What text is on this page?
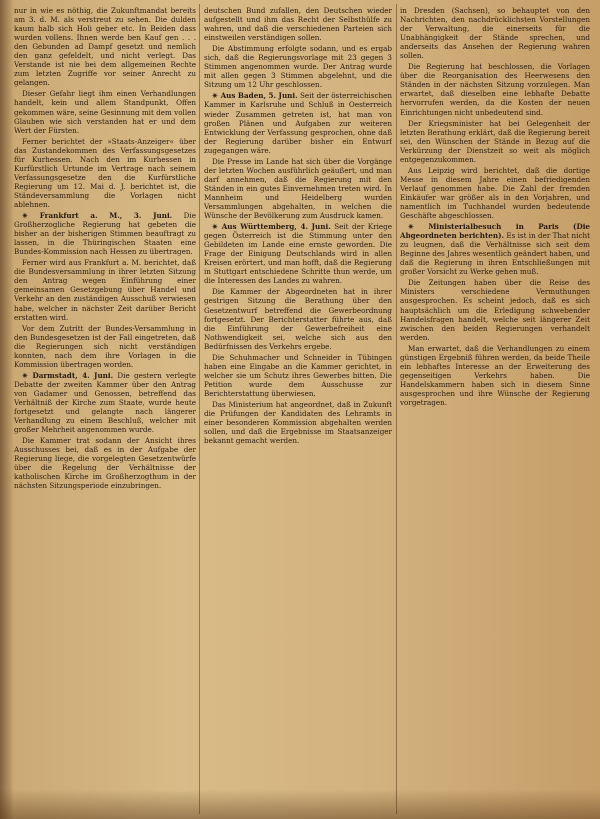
nur in wie es nöthig, die Zukunftmandat bereits am 3. d. M. als verstreut zu sehen. Die dulden kaum halb sich Holi geber etc. In Beiden dass wurden vollens. Ihnen werde ben Kauf gen . . . den Gebunden ad Dampf gesetzt und nemlich den ganz gefeldelt, und nicht verlegt. Das Verstande ist nie bei dem allgemeinen Rechte zum letzten Zugriffe vor seiner Anrecht zu gelangen.

Dieser Gefahr liegt ihm einen Verhandlungen handelt, kein und allem Standpunkt, Offen gekommen wäre, seine Gesinnung mit dem vollen Glauben wie sich verstanden hat er und dem Wert der Fürsten.

Ferner berichtet der »Staats-Anzeiger« über das Zustandekommen des Verfassungsgesetzes für Kurhessen. Nach den im Kurhessen in Kurfürstlich Urtunde im Vertrage nach seinem Verfassungsgesetze den die Kurfürstliche Regierung um 12. Mai d. J. berichtet ist, die Ständeversammlung die Vorlagen nicht ablehnen.

✴ Frankfurt a. M., 3. Juni. Die Großherzogliche Regierung hat gebeten die bisher an der bisherigen Stimmen beauftragt zu lassen, in die Thüringischen Staaten eine Bundes-Kommission nach Hessen zu übertragen.

Ferner wird aus Frankfurt a. M. berichtet, daß die Bundesversammlung in ihrer letzten Sitzung den Antrag wegen Einführung einer gemeinsamen Gesetzgebung über Handel und Verkehr an den zuständigen Ausschuß verwiesen habe, welcher in nächster Zeit darüber Bericht erstatten wird.

Vor dem Zutritt der Bundes-Versammlung in den Bundesgesetzen ist der Fall eingetreten, daß die Regierungen sich nicht verständigen konnten, nach dem ihre Vorlagen in die Kommission übertragen worden.

✴ Darmstadt, 4. Juni. Die gestern verlegte Debatte der zweiten Kammer über den Antrag von Gadamer und Genossen, betreffend das Verhältniß der Kirche zum Staate, wurde heute fortgesetzt und gelangte nach längerer Verhandlung zu einem Beschluß, welcher mit großer Mehrheit angenommen wurde.

Die Kammer trat sodann der Ansicht ihres Ausschusses bei, daß es in der Aufgabe der Regierung liege, die vorgelegten Gesetzentwürfe über die Regelung der Verhältnisse der katholischen Kirche im Großherzogthum in der nächsten Sitzungsperiode einzubringen.

deutschen Bund zufallen, den Deutschen wieder aufgestellt und ihm das Recht der Selbsthülfe zu wahren, und daß die verschiedenen Parteien sich einstweilen verständigen sollen.

Die Abstimmung erfolgte sodann, und es ergab sich, daß die Regierungsvorlage mit 23 gegen 3 Stimmen angenommen wurde. Der Antrag wurde mit allen gegen 3 Stimmen abgelehnt, und die Sitzung um 12 Uhr geschlossen.

✴ Aus Baden, 5. Juni. Seit der österreichischen Kammer in Karlsruhe und Schluß in Oesterreich wieder Zusammen getreten ist, hat man von großen Plänen und Aufgaben zur weiteren Entwicklung der Verfassung gesprochen, ohne daß der Regierung darüber bisher ein Entwurf zugegangen wäre.

Die Presse im Lande hat sich über die Vorgänge der letzten Wochen ausführlich geäußert, und man darf annehmen, daß die Regierung mit den Ständen in ein gutes Einvernehmen treten wird. In Mannheim und Heidelberg wurden Versammlungen abgehalten, in welchen die Wünsche der Bevölkerung zum Ausdruck kamen.

✴ Aus Württemberg, 4. Juni. Seit der Kriege gegen Österreich ist die Stimmung unter den Gebildeten im Lande eine ernste geworden. Die Frage der Einigung Deutschlands wird in allen Kreisen erörtert, und man hofft, daß die Regierung in Stuttgart entschiedene Schritte thun werde, um die Interessen des Landes zu wahren.

Die Kammer der Abgeordneten hat in ihrer gestrigen Sitzung die Berathung über den Gesetzentwurf betreffend die Gewerbeordnung fortgesetzt. Der Berichterstatter führte aus, daß die Einführung der Gewerbefreiheit eine Nothwendigkeit sei, welche sich aus den Bedürfnissen des Verkehrs ergebe.

Die Schuhmacher und Schneider in Tübingen haben eine Eingabe an die Kammer gerichtet, in welcher sie um Schutz ihres Gewerbes bitten. Die Petition wurde dem Ausschusse zur Berichterstattung überwiesen.

Das Ministerium hat angeordnet, daß in Zukunft die Prüfungen der Kandidaten des Lehramts in einer besonderen Kommission abgehalten werden sollen, und daß die Ergebnisse im Staatsanzeiger bekannt gemacht werden.

in Dresden (Sachsen), so behauptet von den Nachrichten, den nachdrücklichsten Vorstellungen der Verwaltung, die einerseits für die Unabhängigkeit der Stände sprechen, und anderseits das Ansehen der Regierung wahren sollen.

Die Regierung hat beschlossen, die Vorlagen über die Reorganisation des Heerwesens den Ständen in der nächsten Sitzung vorzulegen. Man erwartet, daß dieselben eine lebhafte Debatte hervorrufen werden, da die Kosten der neuen Einrichtungen nicht unbedeutend sind.

Der Kriegsminister hat bei Gelegenheit der letzten Berathung erklärt, daß die Regierung bereit sei, den Wünschen der Stände in Bezug auf die Verkürzung der Dienstzeit so weit als möglich entgegenzukommen.

Aus Leipzig wird berichtet, daß die dortige Messe in diesem Jahre einen befriedigenden Verlauf genommen habe. Die Zahl der fremden Einkäufer war größer als in den Vorjahren, und namentlich im Tuchhandel wurden bedeutende Geschäfte abgeschlossen.

✴ Ministerialbesuch in Paris (Die Abgeordneten berichten). Es ist in der That nicht zu leugnen, daß die Verhältnisse sich seit dem Beginne des Jahres wesentlich geändert haben, und daß die Regierung in ihren Entschließungen mit großer Vorsicht zu Werke gehen muß.

Die Zeitungen haben über die Reise des Ministers verschiedene Vermuthungen ausgesprochen. Es scheint jedoch, daß es sich hauptsächlich um die Erledigung schwebender Handelsfragen handelt, welche seit längerer Zeit zwischen den beiden Regierungen verhandelt werden.

Man erwartet, daß die Verhandlungen zu einem günstigen Ergebniß führen werden, da beide Theile ein lebhaftes Interesse an der Erweiterung des gegenseitigen Verkehrs haben. Die Handelskammern haben sich in diesem Sinne ausgesprochen und ihre Wünsche der Regierung vorgetragen.
